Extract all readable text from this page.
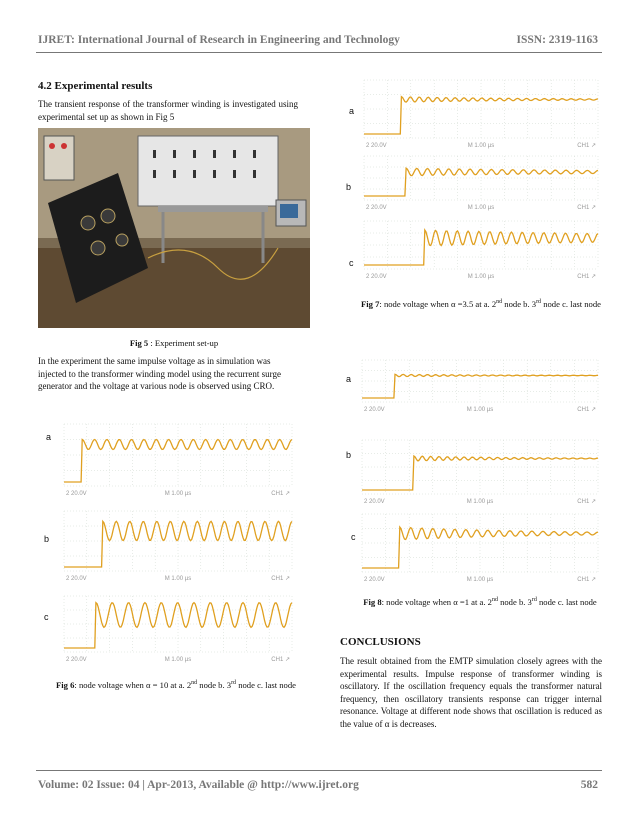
IJRET: International Journal of Research in Engineering and Technology	ISSN: 2319-1163
4.2 Experimental results
The transient response of the transformer winding is investigated using experimental set up as shown in Fig 5
Fig 5 : Experiment set-up
In the experiment the same impulse voltage as in simulation was injected to the transformer winding model using the recurrent surge generator and the voltage at various node is observed using CRO.
a
b
c
2 20.0V	M 1.00 µs	CH1 ↗
2 20.0V	M 1.00 µs	CH1 ↗
2 20.0V	M 1.00 µs	CH1 ↗
Fig 6: node voltage when α = 10 at a. 2nd node b. 3rd node c. last node
a
b
c
2 20.0V	M 1.00 µs	CH1 ↗
2 20.0V	M 1.00 µs	CH1 ↗
2 20.0V	M 1.00 µs	CH1 ↗
Fig 7: node voltage when α =3.5 at a. 2nd node b. 3rd node c. last node
a
b
c
2 20.0V	M 1.00 µs	CH1 ↗
2 20.0V	M 1.00 µs	CH1 ↗
2 20.0V	M 1.00 µs	CH1 ↗
Fig 8: node voltage when α =1 at a. 2nd node b. 3rd node c. last node
CONCLUSIONS
The result obtained from the EMTP simulation closely agrees with the experimental results. Impulse response of transformer winding is oscillatory. If the oscillation frequency equals the transformer natural frequency, then oscillatory transients response can trigger internal resonance. Voltage at different node shows that oscillation is reduced as the value of α is decreases.
Volume: 02 Issue: 04 | Apr-2013, Available @ http://www.ijret.org	582
